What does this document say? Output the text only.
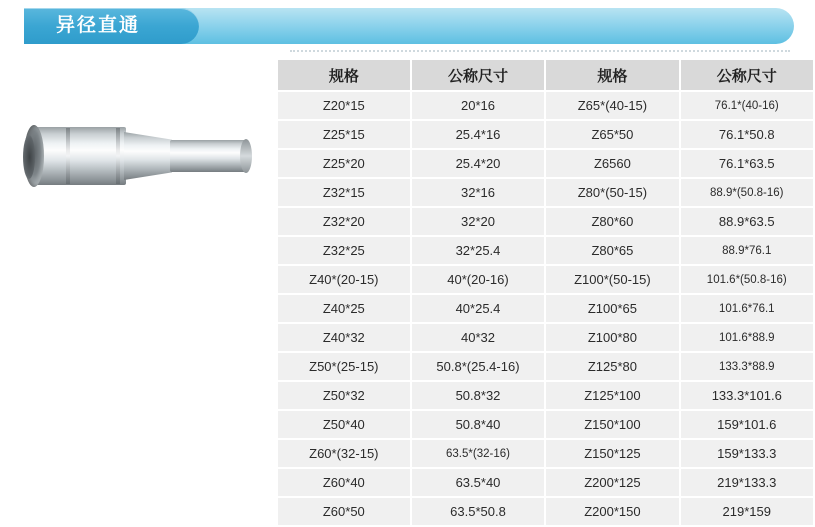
异径直通
规格	公称尺寸	规格	公称尺寸
Z20*15	20*16	Z65*(40-15)	76.1*(40-16)
Z25*15	25.4*16	Z65*50	76.1*50.8
Z25*20	25.4*20	Z6560	76.1*63.5
Z32*15	32*16	Z80*(50-15)	88.9*(50.8-16)
Z32*20	32*20	Z80*60	88.9*63.5
Z32*25	32*25.4	Z80*65	88.9*76.1
Z40*(20-15)	40*(20-16)	Z100*(50-15)	101.6*(50.8-16)
Z40*25	40*25.4	Z100*65	101.6*76.1
Z40*32	40*32	Z100*80	101.6*88.9
Z50*(25-15)	50.8*(25.4-16)	Z125*80	133.3*88.9
Z50*32	50.8*32	Z125*100	133.3*101.6
Z50*40	50.8*40	Z150*100	159*101.6
Z60*(32-15)	63.5*(32-16)	Z150*125	159*133.3
Z60*40	63.5*40	Z200*125	219*133.3
Z60*50	63.5*50.8	Z200*150	219*159
